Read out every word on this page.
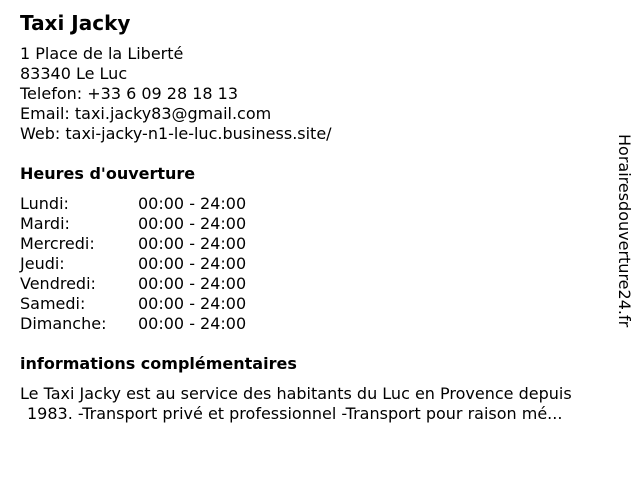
Taxi Jacky
1 Place de la Liberté
83340 Le Luc
Telefon: +33 6 09 28 18 13
Email: taxi.jacky83@gmail.com
Web: taxi-jacky-n1-le-luc.business.site/
Heures d'ouverture
Lundi:	00:00 - 24:00
Mardi:	00:00 - 24:00
Mercredi:	00:00 - 24:00
Jeudi:	00:00 - 24:00
Vendredi:	00:00 - 24:00
Samedi:	00:00 - 24:00
Dimanche: 00:00 - 24:00
informations complémentaires
Le Taxi Jacky est au service des habitants du Luc en Provence depuis
1983. -Transport privé et professionnel -Transport pour raison mé...
Horairesdouverture24.fr
